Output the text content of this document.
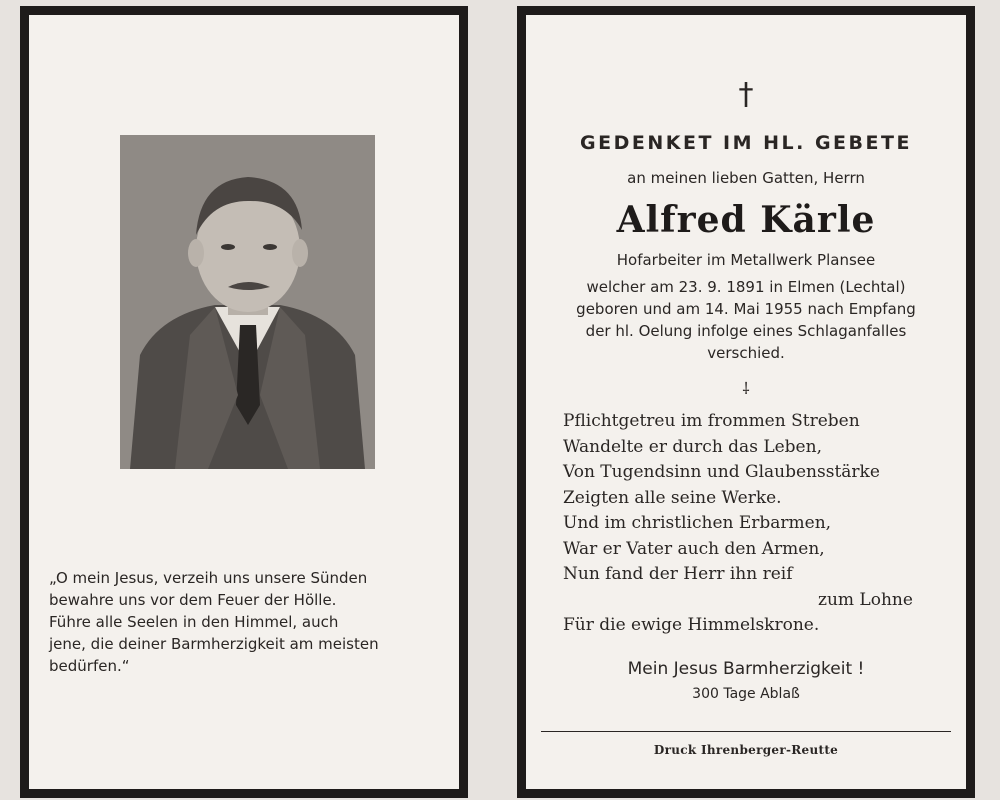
„O mein Jesus, verzeih uns unsere Sünden
bewahre uns vor dem Feuer der Hölle.
Führe alle Seelen in den Himmel, auch
jene, die deiner Barmherzigkeit am meisten
bedürfen.“
†
GEDENKET IM HL. GEBETE
an meinen lieben Gatten, Herrn
Alfred Kärle
Hofarbeiter im Metallwerk Plansee
welcher am 23. 9. 1891 in Elmen (Lechtal)
geboren und am 14. Mai 1955 nach Empfang
der hl. Oelung infolge eines Schlaganfalles
verschied.
⸸
Pflichtgetreu im frommen Streben
Wandelte er durch das Leben,
Von Tugendsinn und Glaubensstärke
Zeigten alle seine Werke.
Und im christlichen Erbarmen,
War er Vater auch den Armen,
Nun fand der Herr ihn reif
zum Lohne
Für die ewige Himmelskrone.
Mein Jesus Barmherzigkeit !
300 Tage Ablaß
Druck Ihrenberger-Reutte
